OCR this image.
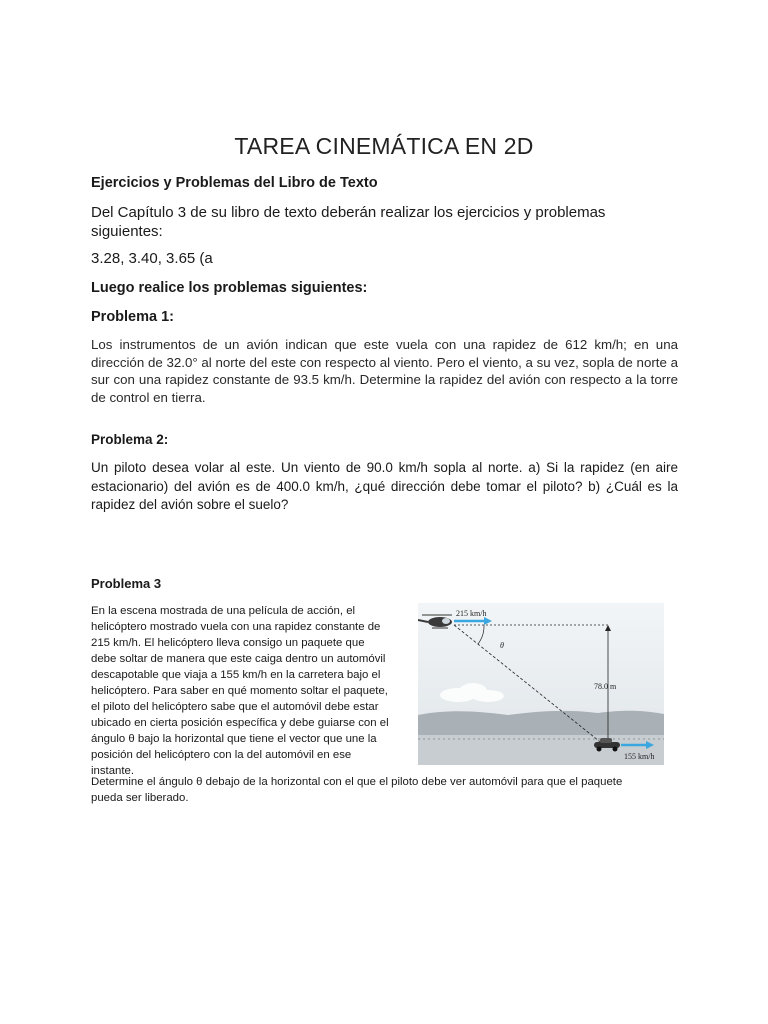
TAREA CINEMÁTICA EN 2D
Ejercicios y Problemas del Libro de Texto
Del Capítulo 3 de su libro de texto deberán realizar los ejercicios y problemas siguientes:
3.28, 3.40, 3.65 (a
Luego realice los problemas siguientes:
Problema 1:
Los instrumentos de un avión indican que este vuela con una rapidez de 612 km/h; en una dirección de 32.0° al norte del este con respecto al viento. Pero el viento, a su vez, sopla de norte a sur con una rapidez constante de 93.5 km/h. Determine la rapidez del avión con respecto a la torre de control en tierra.
Problema 2:
Un piloto desea volar al este. Un viento de 90.0 km/h sopla al norte. a) Si la rapidez (en aire estacionario) del avión es de 400.0 km/h, ¿qué dirección debe tomar el piloto? b) ¿Cuál es la rapidez del avión sobre el suelo?
Problema 3
En la escena mostrada de una película de acción, el helicóptero mostrado vuela con una rapidez constante de 215 km/h. El helicóptero lleva consigo un paquete que debe soltar de manera que este caiga dentro un automóvil descapotable que viaja a 155 km/h en la carretera bajo el helicóptero. Para saber en qué momento soltar el paquete, el piloto del helicóptero sabe que el automóvil debe estar ubicado en cierta posición específica y debe guiarse con el ángulo θ bajo la horizontal que tiene el vector que une la posición del helicóptero con la del automóvil en ese instante.
Determine el ángulo θ debajo de la horizontal con el que el piloto debe ver automóvil para que el paquete pueda ser liberado.
215 km/h
θ
78.0 m
155 km/h
